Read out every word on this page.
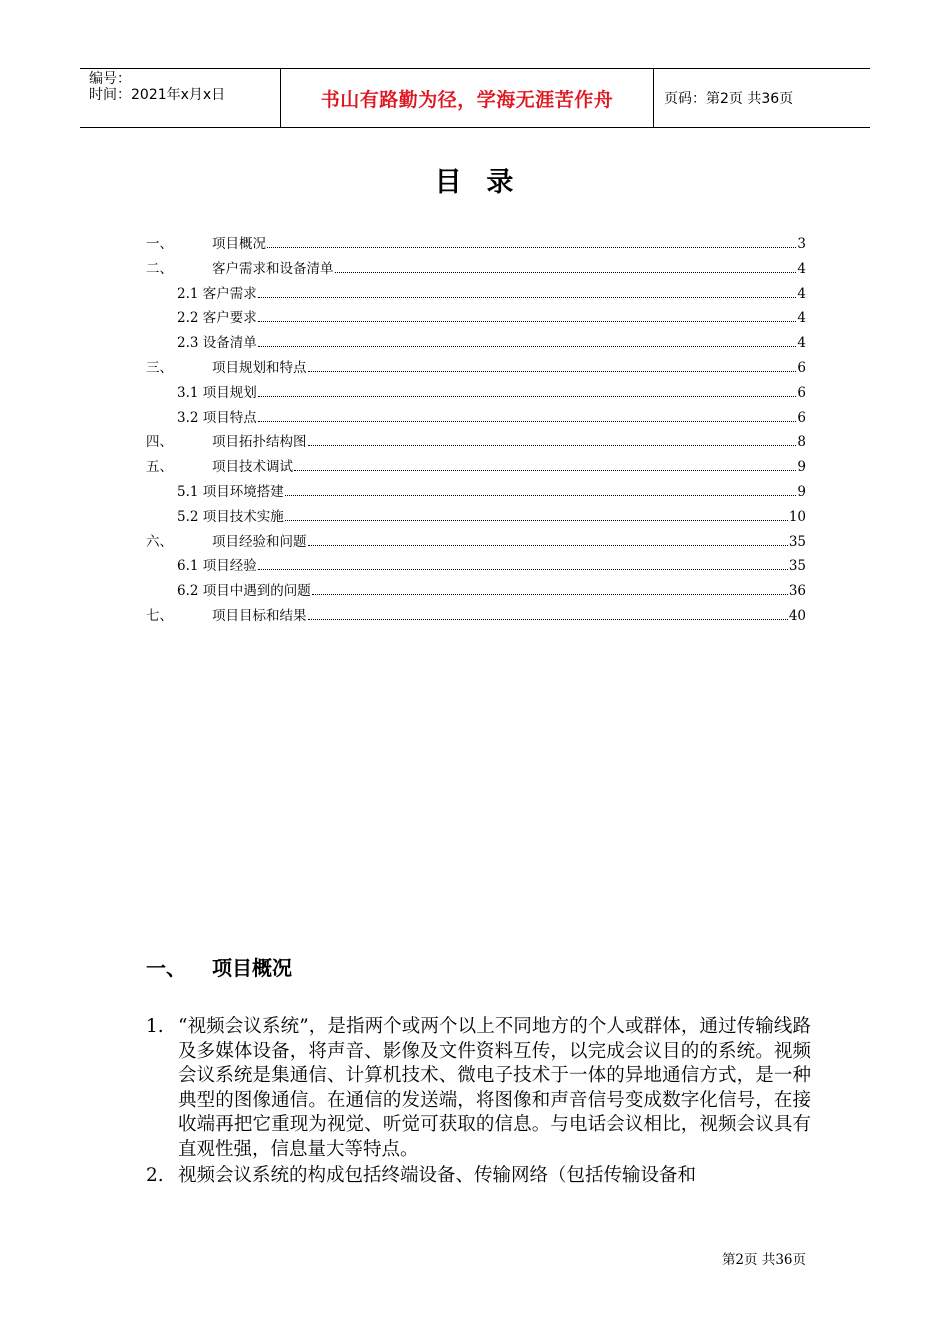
编号：
时间：2021年x月x日	书山有路勤为径，学海无涯苦作舟	页码：第2页 共36页
目  录
一、	项目概况	3
二、	客户需求和设备清单	4
2.1 客户需求	4
2.2 客户要求	4
2.3 设备清单	4
三、	项目规划和特点	6
3.1 项目规划	6
3.2 项目特点	6
四、	项目拓扑结构图	8
五、	项目技术调试	9
5.1 项目环境搭建	9
5.2 项目技术实施	10
六、	项目经验和问题	35
6.1 项目经验	35
6.2 项目中遇到的问题	36
七、	项目目标和结果	40
一、 项目概况
1. “视频会议系统”，是指两个或两个以上不同地方的个人或群体，通过传输线路及多媒体设备，将声音、影像及文件资料互传，以完成会议目的的系统。视频会议系统是集通信、计算机技术、微电子技术于一体的异地通信方式，是一种典型的图像通信。在通信的发送端，将图像和声音信号变成数字化信号，在接收端再把它重现为视觉、听觉可获取的信息。与电话会议相比，视频会议具有直观性强，信息量大等特点。
2. 视频会议系统的构成包括终端设备、传输网络（包括传输设备和
第2页 共36页
